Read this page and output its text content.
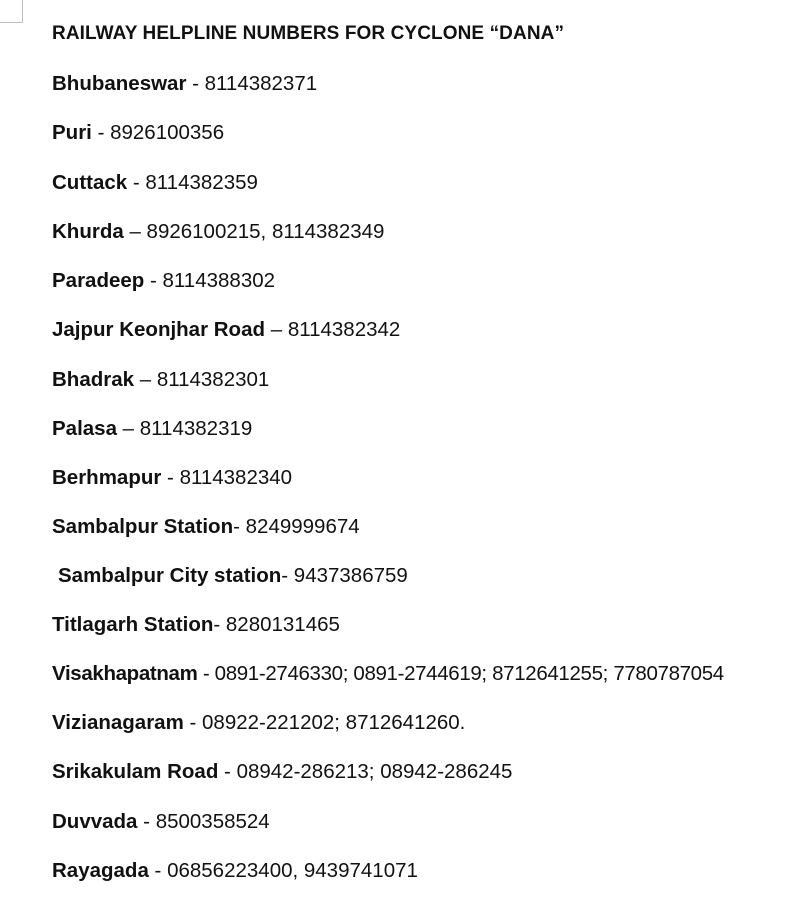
RAILWAY HELPLINE NUMBERS FOR CYCLONE “DANA”
Bhubaneswar - 8114382371
Puri - 8926100356
Cuttack - 8114382359
Khurda – 8926100215, 8114382349
Paradeep - 8114388302
Jajpur Keonjhar Road – 8114382342
Bhadrak – 8114382301
Palasa – 8114382319
Berhmapur - 8114382340
Sambalpur Station- 8249999674
Sambalpur City station- 9437386759
Titlagarh Station- 8280131465
Visakhapatnam - 0891-2746330; 0891-2744619; 8712641255; 7780787054
Vizianagaram - 08922-221202; 8712641260.
Srikakulam Road - 08942-286213; 08942-286245
Duvvada - 8500358524
Rayagada - 06856223400, 9439741071
